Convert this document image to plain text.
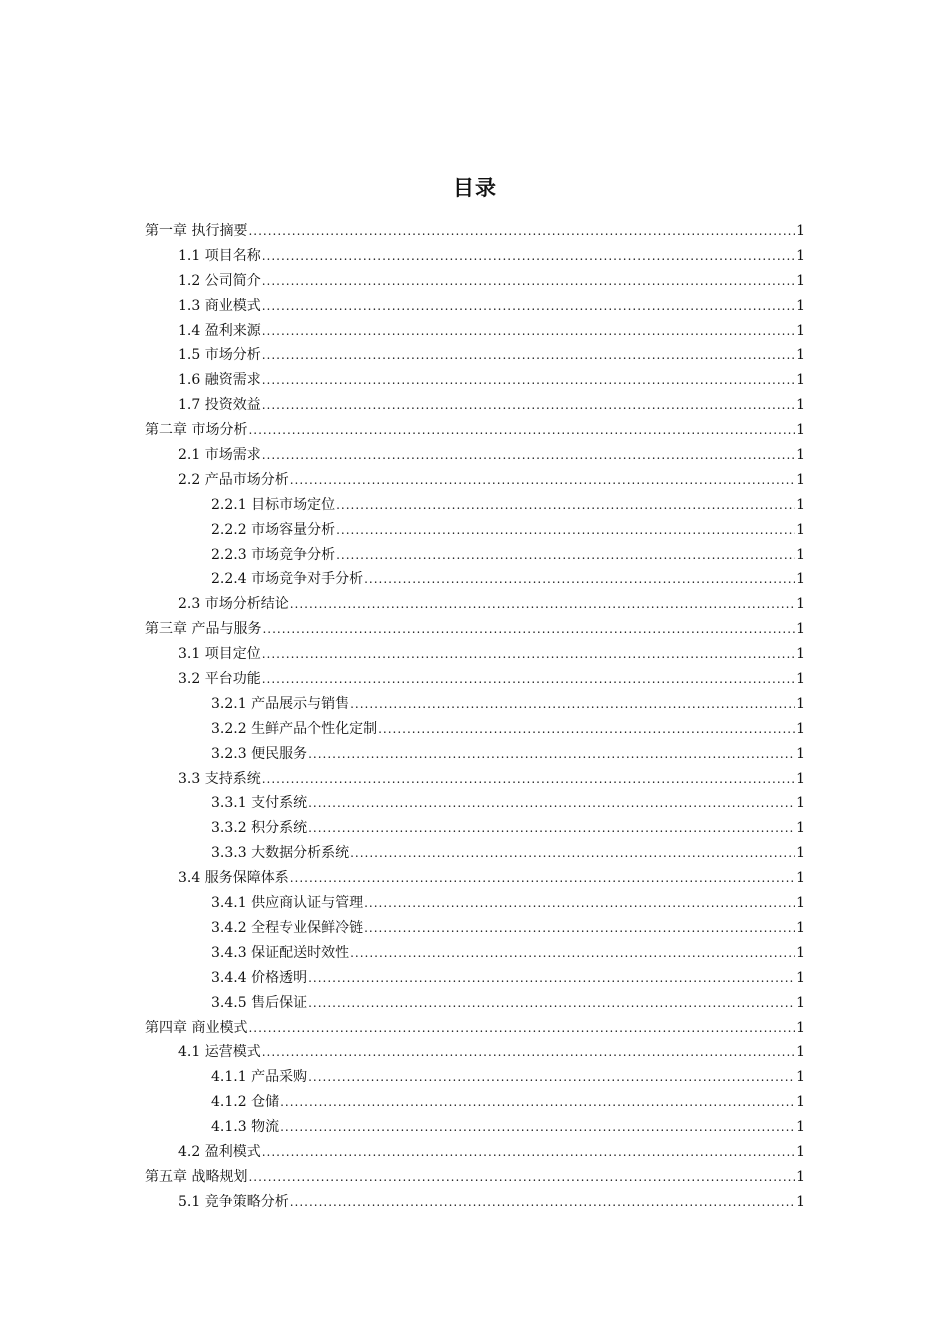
目录
第一章 执行摘要 .....	1
1.1 项目名称 .....	1
1.2 公司简介 .....	1
1.3 商业模式 .....	1
1.4 盈利来源 .....	1
1.5 市场分析 .....	1
1.6 融资需求 .....	1
1.7 投资效益 .....	1
第二章 市场分析 .....	1
2.1 市场需求 .....	1
2.2 产品市场分析 .....	1
2.2.1 目标市场定位 .....	1
2.2.2 市场容量分析 .....	1
2.2.3 市场竞争分析 .....	1
2.2.4 市场竞争对手分析 .....	1
2.3 市场分析结论 .....	1
第三章 产品与服务 .....	1
3.1 项目定位 .....	1
3.2 平台功能 .....	1
3.2.1 产品展示与销售 .....	1
3.2.2 生鲜产品个性化定制 .....	1
3.2.3 便民服务 .....	1
3.3 支持系统 .....	1
3.3.1 支付系统 .....	1
3.3.2 积分系统 .....	1
3.3.3 大数据分析系统 .....	1
3.4 服务保障体系 .....	1
3.4.1 供应商认证与管理 .....	1
3.4.2 全程专业保鲜冷链 .....	1
3.4.3 保证配送时效性 .....	1
3.4.4 价格透明 .....	1
3.4.5 售后保证 .....	1
第四章 商业模式 .....	1
4.1 运营模式 .....	1
4.1.1 产品采购 .....	1
4.1.2 仓储 .....	1
4.1.3 物流 .....	1
4.2 盈利模式 .....	1
第五章 战略规划 .....	1
5.1 竞争策略分析 .....	1
